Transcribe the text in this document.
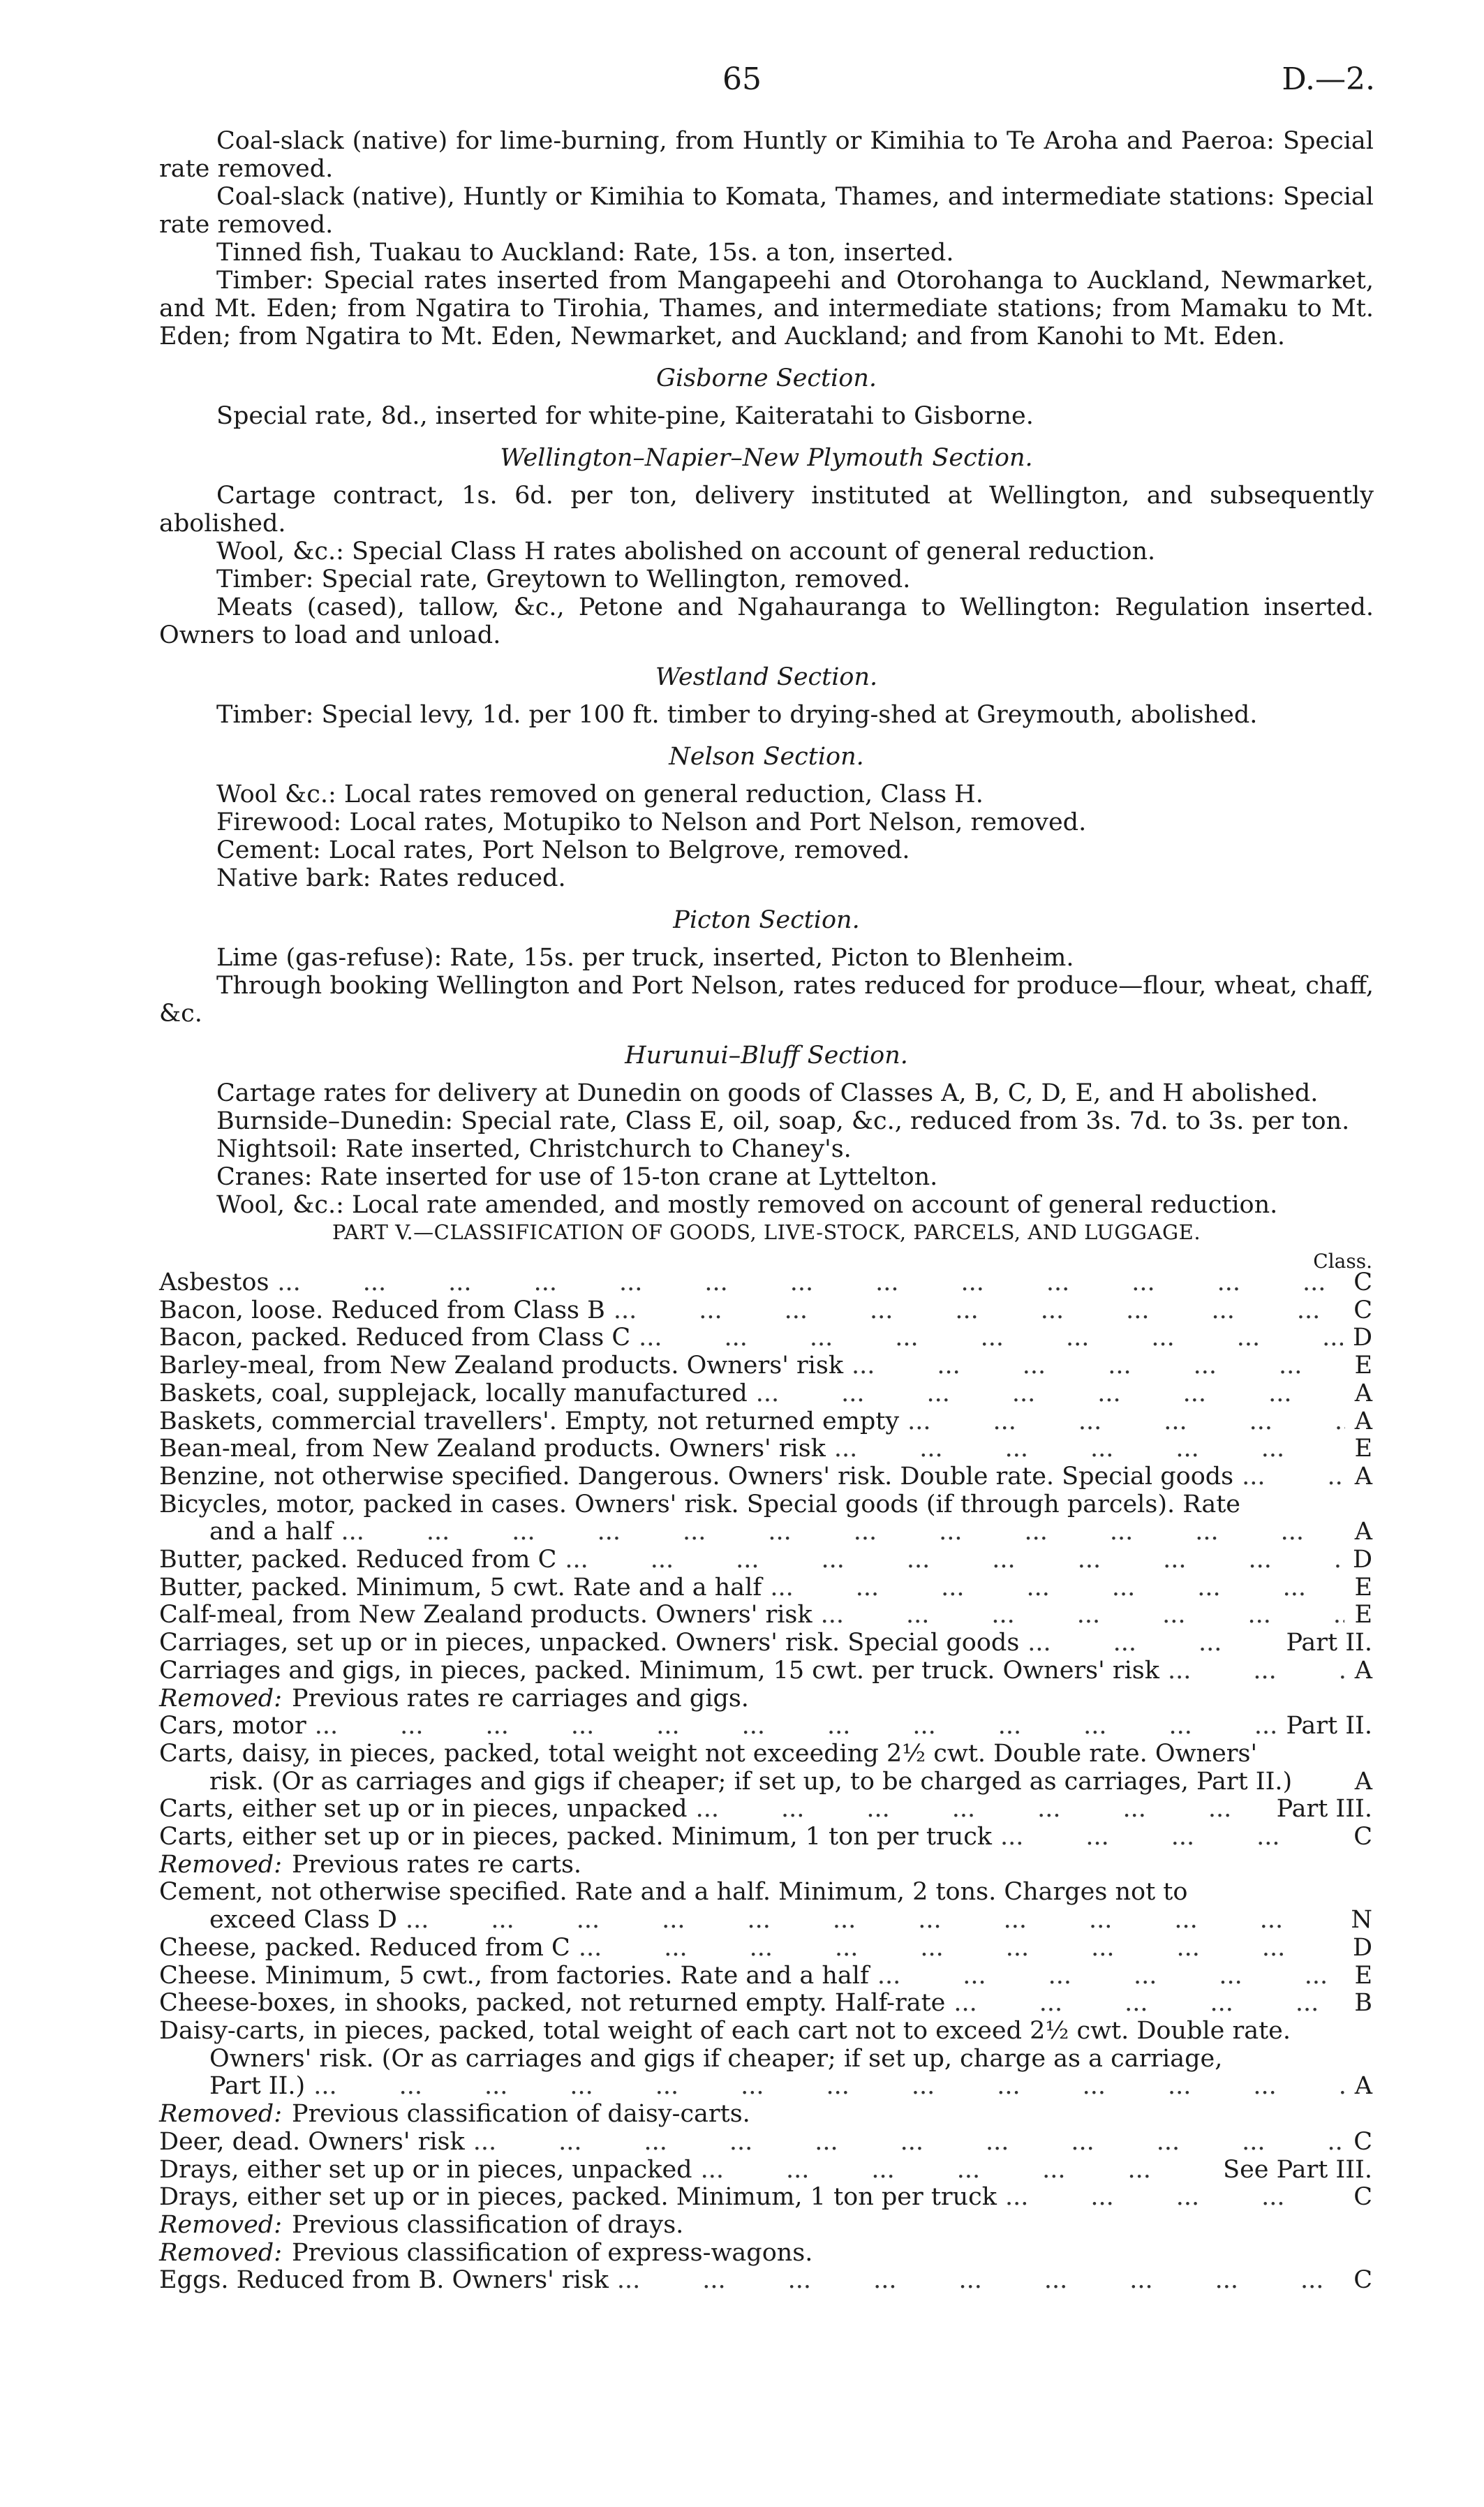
65	D.—2.

Coal-slack (native) for lime-burning, from Huntly or Kimihia to Te Aroha and Paeroa: Special rate removed.

Coal-slack (native), Huntly or Kimihia to Komata, Thames, and intermediate stations: Special rate removed.

Tinned fish, Tuakau to Auckland: Rate, 15s. a ton, inserted.

Timber: Special rates inserted from Mangapeehi and Otorohanga to Auckland, Newmarket, and Mt. Eden; from Ngatira to Tirohia, Thames, and intermediate stations; from Mamaku to Mt. Eden; from Ngatira to Mt. Eden, Newmarket, and Auckland; and from Kanohi to Mt. Eden.

Gisborne Section.

Special rate, 8d., inserted for white-pine, Kaiteratahi to Gisborne.

Wellington–Napier–New Plymouth Section.

Cartage contract, 1s. 6d. per ton, delivery instituted at Wellington, and subsequently abolished.

Wool, &c.: Special Class H rates abolished on account of general reduction.

Timber: Special rate, Greytown to Wellington, removed.

Meats (cased), tallow, &c., Petone and Ngahauranga to Wellington: Regulation inserted. Owners to load and unload.

Westland Section.

Timber: Special levy, 1d. per 100 ft. timber to drying-shed at Greymouth, abolished.

Nelson Section.

Wool &c.: Local rates removed on general reduction, Class H.

Firewood: Local rates, Motupiko to Nelson and Port Nelson, removed.

Cement: Local rates, Port Nelson to Belgrove, removed.

Native bark: Rates reduced.

Picton Section.

Lime (gas-refuse): Rate, 15s. per truck, inserted, Picton to Blenheim.

Through booking Wellington and Port Nelson, rates reduced for produce—flour, wheat, chaff, &c.

Hurunui–Bluff Section.

Cartage rates for delivery at Dunedin on goods of Classes A, B, C, D, E, and H abolished.

Burnside–Dunedin: Special rate, Class E, oil, soap, &c., reduced from 3s. 7d. to 3s. per ton.

Nightsoil: Rate inserted, Christchurch to Chaney's.

Cranes: Rate inserted for use of 15-ton crane at Lyttelton.

Wool, &c.: Local rate amended, and mostly removed on account of general reduction.

PART V.—CLASSIFICATION OF GOODS, LIVE-STOCK, PARCELS, AND LUGGAGE.
Class.
Asbestos ...	C
Bacon, loose. Reduced from Class B ...	C
Bacon, packed. Reduced from Class C ...	D
Barley-meal, from New Zealand products. Owners' risk ...	E
Baskets, coal, supplejack, locally manufactured ...	A
Baskets, commercial travellers'. Empty, not returned empty ...	A
Bean-meal, from New Zealand products. Owners' risk ...	E
Benzine, not otherwise specified. Dangerous. Owners' risk. Double rate. Special goods ...	A
Bicycles, motor, packed in cases. Owners' risk. Special goods (if through parcels). Rate
and a half ...	A
Butter, packed. Reduced from C ...	D
Butter, packed. Minimum, 5 cwt. Rate and a half ...	E
Calf-meal, from New Zealand products. Owners' risk ...	E
Carriages, set up or in pieces, unpacked. Owners' risk. Special goods ...	Part II.
Carriages and gigs, in pieces, packed. Minimum, 15 cwt. per truck. Owners' risk ...	A
Removed: Previous rates re carriages and gigs.
Cars, motor ...	Part II.
Carts, daisy, in pieces, packed, total weight not exceeding 2½ cwt. Double rate. Owners'
risk. (Or as carriages and gigs if cheaper; if set up, to be charged as carriages, Part II.)	A
Carts, either set up or in pieces, unpacked ...	Part III.
Carts, either set up or in pieces, packed. Minimum, 1 ton per truck ...	C
Removed: Previous rates re carts.
Cement, not otherwise specified. Rate and a half. Minimum, 2 tons. Charges not to
exceed Class D ...	N
Cheese, packed. Reduced from C ...	D
Cheese. Minimum, 5 cwt., from factories. Rate and a half ...	E
Cheese-boxes, in shooks, packed, not returned empty. Half-rate ...	B
Daisy-carts, in pieces, packed, total weight of each cart not to exceed 2½ cwt. Double rate.
Owners' risk. (Or as carriages and gigs if cheaper; if set up, charge as a carriage,
Part II.) ...	A
Removed: Previous classification of daisy-carts.
Deer, dead. Owners' risk ...	C
Drays, either set up or in pieces, unpacked ...	See Part III.
Drays, either set up or in pieces, packed. Minimum, 1 ton per truck ...	C
Removed: Previous classification of drays.
Removed: Previous classification of express-wagons.
Eggs. Reduced from B. Owners' risk ...	C
